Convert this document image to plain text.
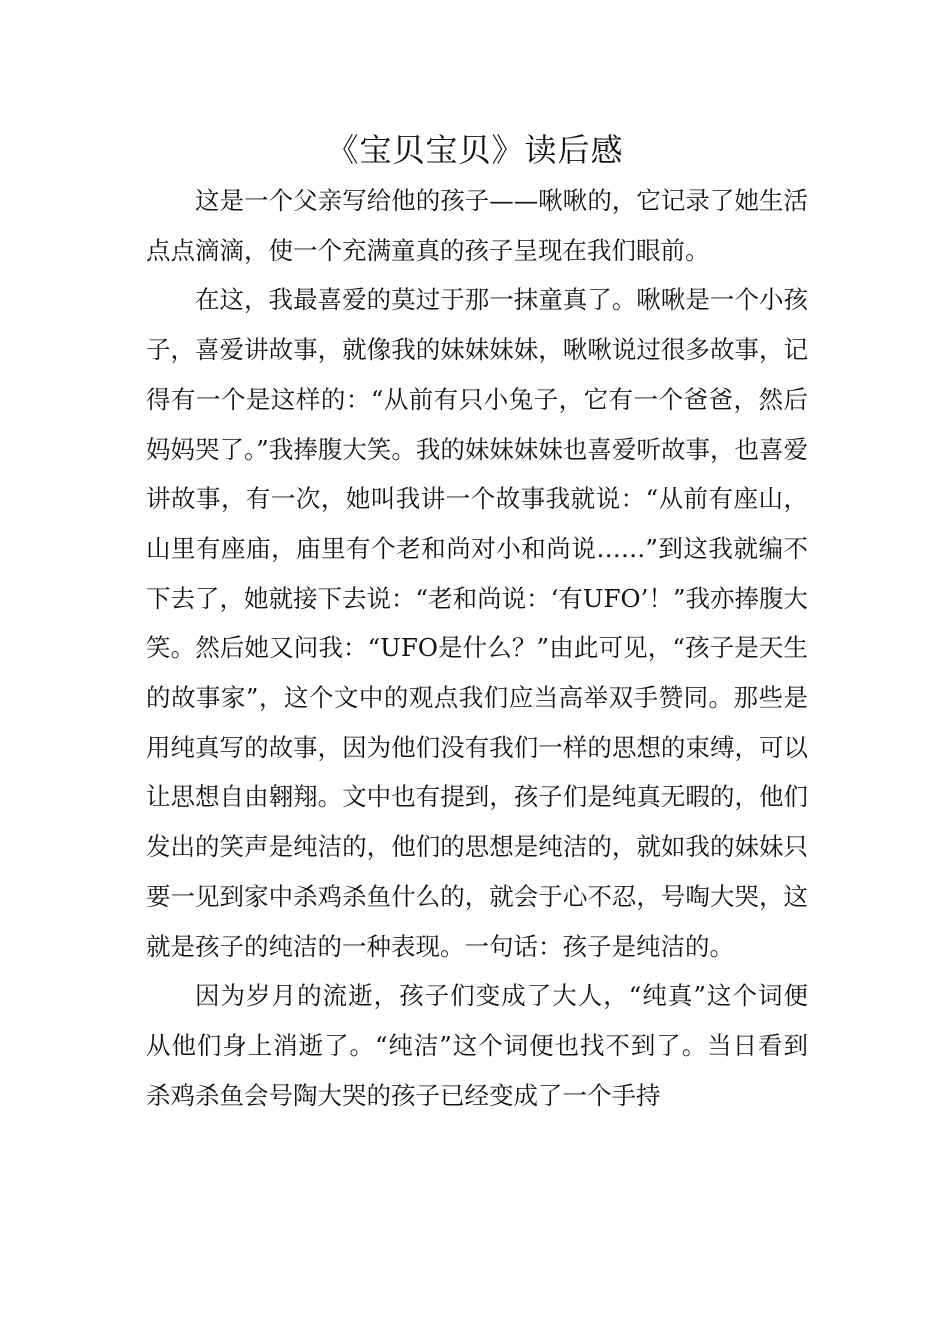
《宝贝宝贝》读后感

这是一个父亲写给他的孩子——啾啾的，它记录了她生活点点滴滴，使一个充满童真的孩子呈现在我们眼前。

在这，我最喜爱的莫过于那一抹童真了。啾啾是一个小孩子，喜爱讲故事，就像我的妹妹妹妹，啾啾说过很多故事，记得有一个是这样的：“从前有只小兔子，它有一个爸爸，然后妈妈哭了。”我捧腹大笑。我的妹妹妹妹也喜爱听故事，也喜爱讲故事，有一次，她叫我讲一个故事我就说：“从前有座山，山里有座庙，庙里有个老和尚对小和尚说……”到这我就编不下去了，她就接下去说：“老和尚说：‘有UFO’！”我亦捧腹大笑。然后她又问我：“UFO是什么？”由此可见，“孩子是天生的故事家”，这个文中的观点我们应当高举双手赞同。那些是用纯真写的故事，因为他们没有我们一样的思想的束缚，可以让思想自由翱翔。文中也有提到，孩子们是纯真无暇的，他们发出的笑声是纯洁的，他们的思想是纯洁的，就如我的妹妹只要一见到家中杀鸡杀鱼什么的，就会于心不忍，号啕大哭，这就是孩子的纯洁的一种表现。一句话：孩子是纯洁的。

因为岁月的流逝，孩子们变成了大人，“纯真”这个词便从他们身上消逝了。“纯洁”这个词便也找不到了。当日看到杀鸡杀鱼会号陶大哭的孩子已经变成了一个手持
